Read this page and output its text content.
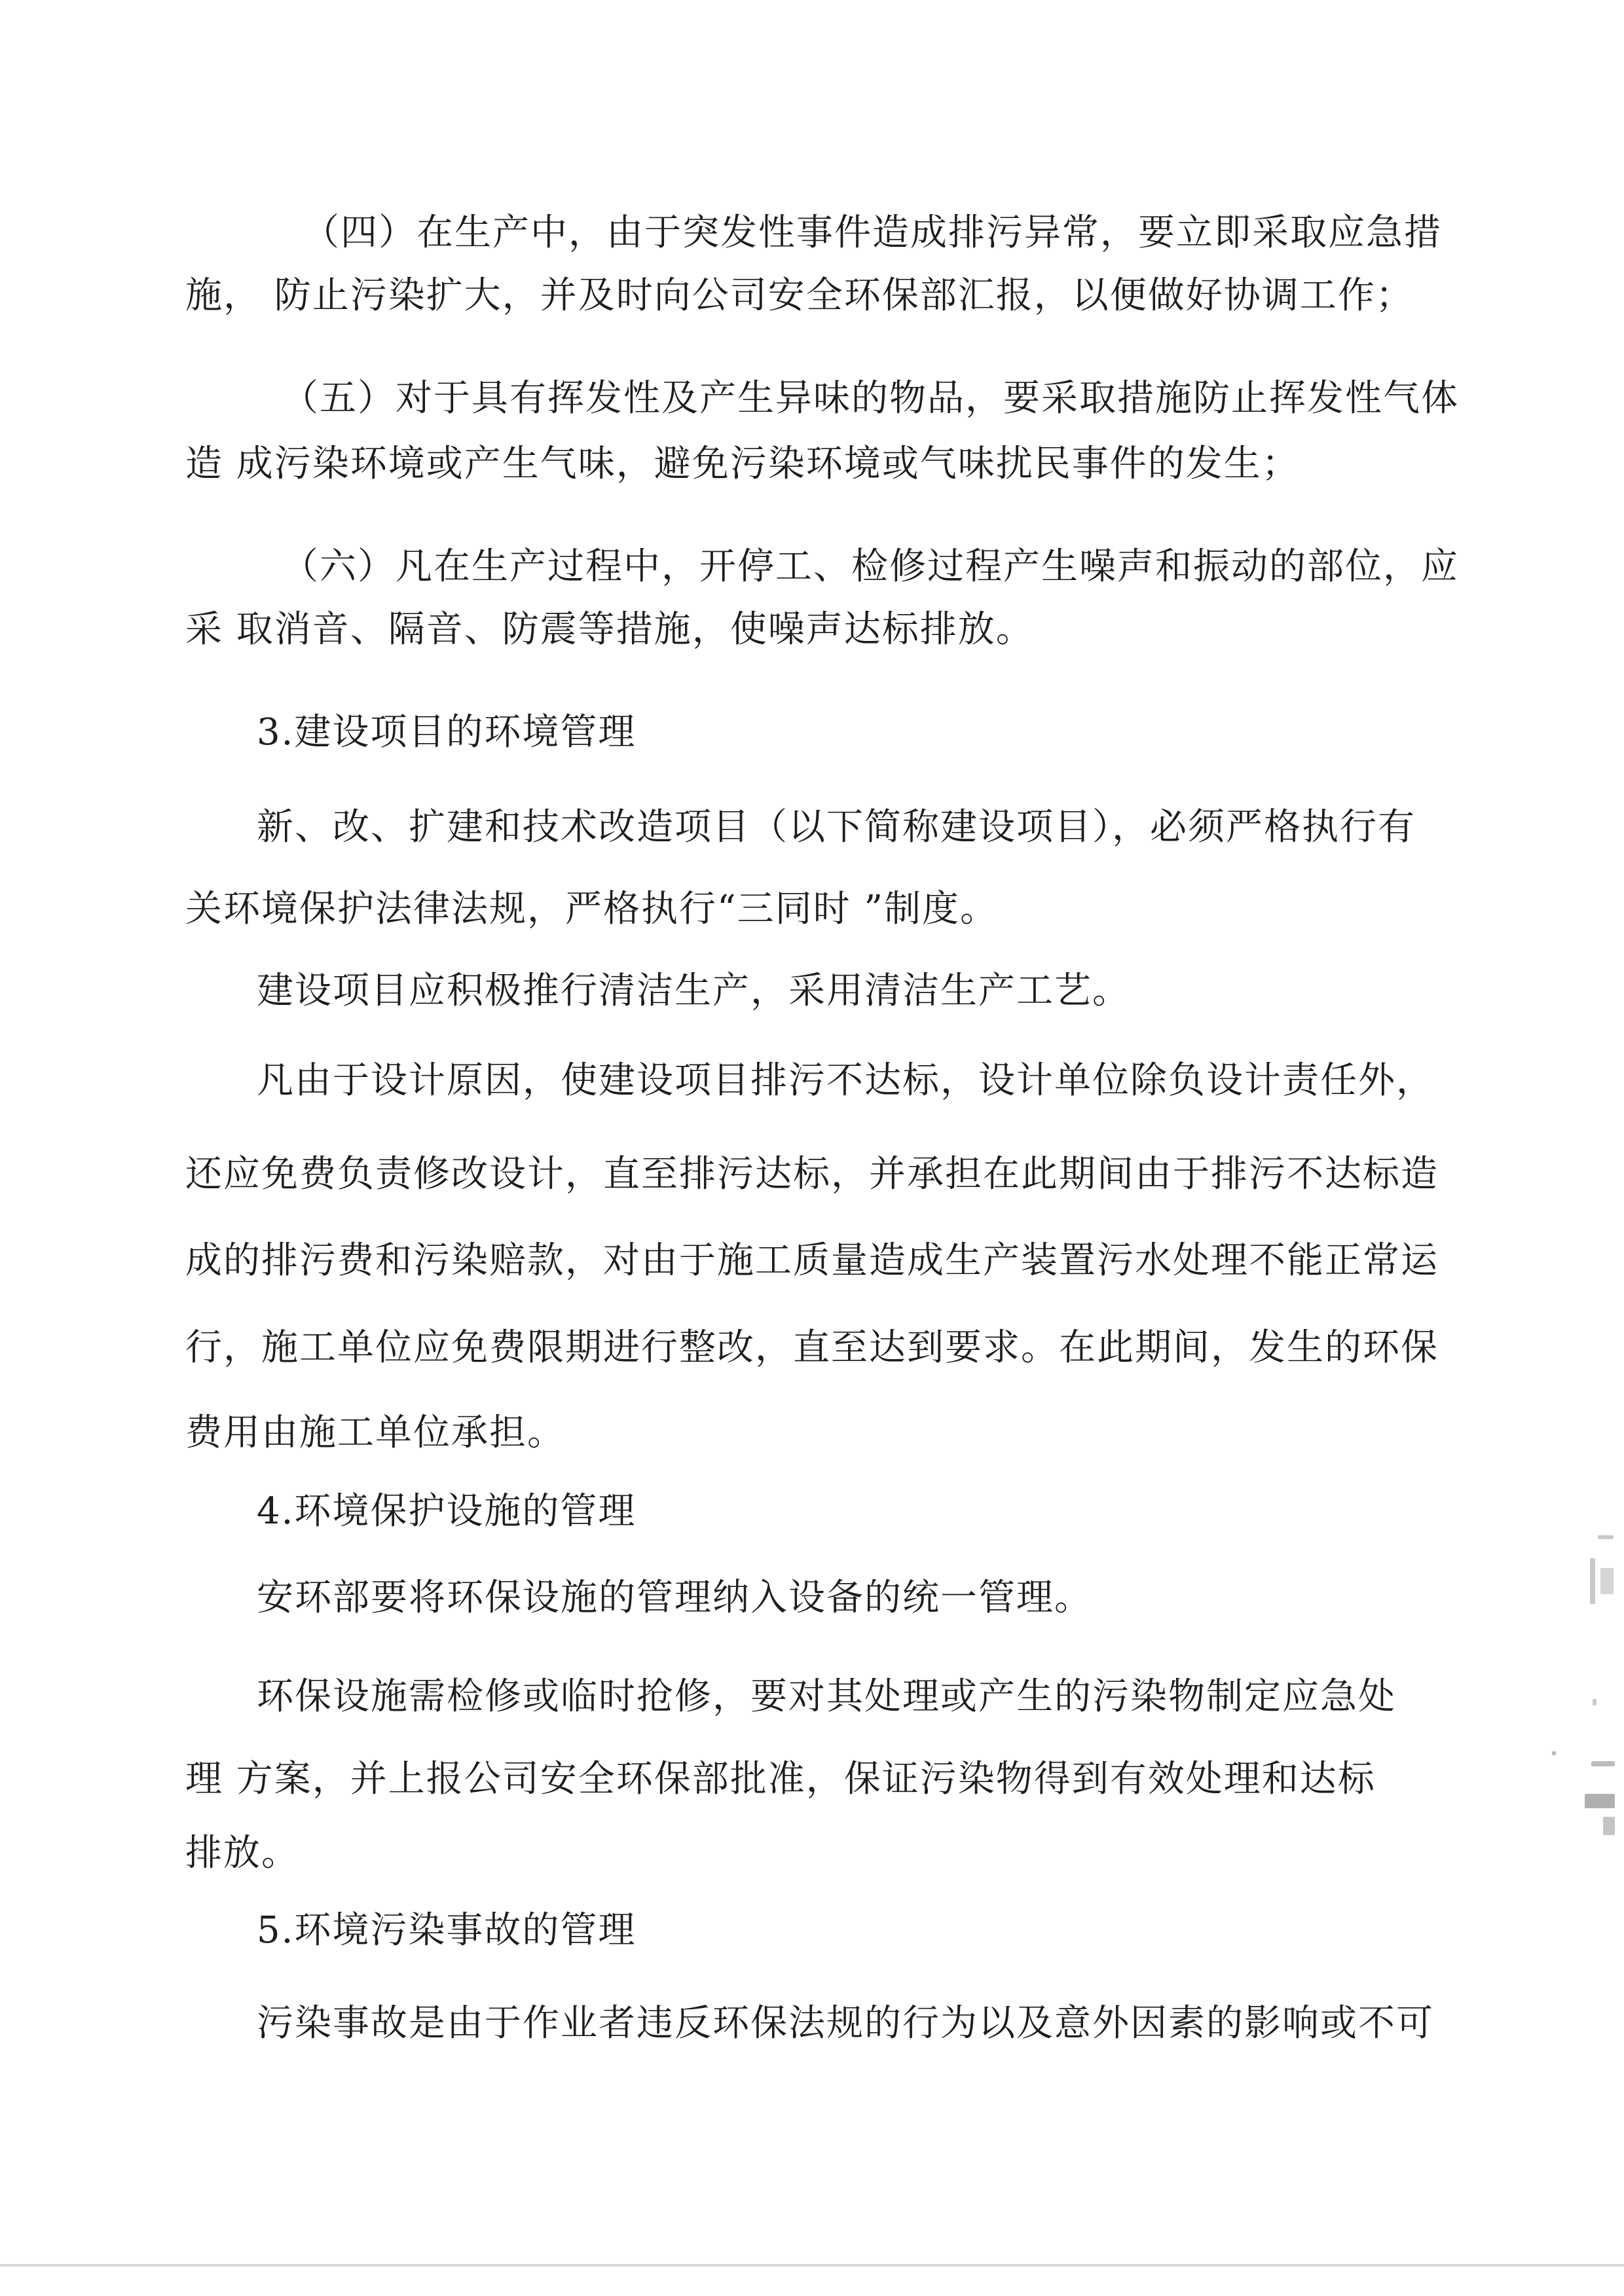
（四）在生产中，由于突发性事件造成排污异常，要立即采取应急措
施， 防止污染扩大，并及时向公司安全环保部汇报，以便做好协调工作；
（五）对于具有挥发性及产生异味的物品，要采取措施防止挥发性气体
造 成污染环境或产生气味，避免污染环境或气味扰民事件的发生；
（六）凡在生产过程中，开停工、检修过程产生噪声和振动的部位，应
采 取消音、隔音、防震等措施，使噪声达标排放。
3.建设项目的环境管理
新、改、扩建和技术改造项目（以下简称建设项目），必须严格执行有
关环境保护法律法规，严格执行“三同时 ”制度。
建设项目应积极推行清洁生产，采用清洁生产工艺。
凡由于设计原因，使建设项目排污不达标，设计单位除负设计责任外，
还应免费负责修改设计，直至排污达标，并承担在此期间由于排污不达标造
成的排污费和污染赔款，对由于施工质量造成生产装置污水处理不能正常运
行，施工单位应免费限期进行整改，直至达到要求。在此期间，发生的环保
费用由施工单位承担。
4.环境保护设施的管理
安环部要将环保设施的管理纳入设备的统一管理。
环保设施需检修或临时抢修，要对其处理或产生的污染物制定应急处
理 方案，并上报公司安全环保部批准，保证污染物得到有效处理和达标
排放。
5.环境污染事故的管理
污染事故是由于作业者违反环保法规的行为以及意外因素的影响或不可
